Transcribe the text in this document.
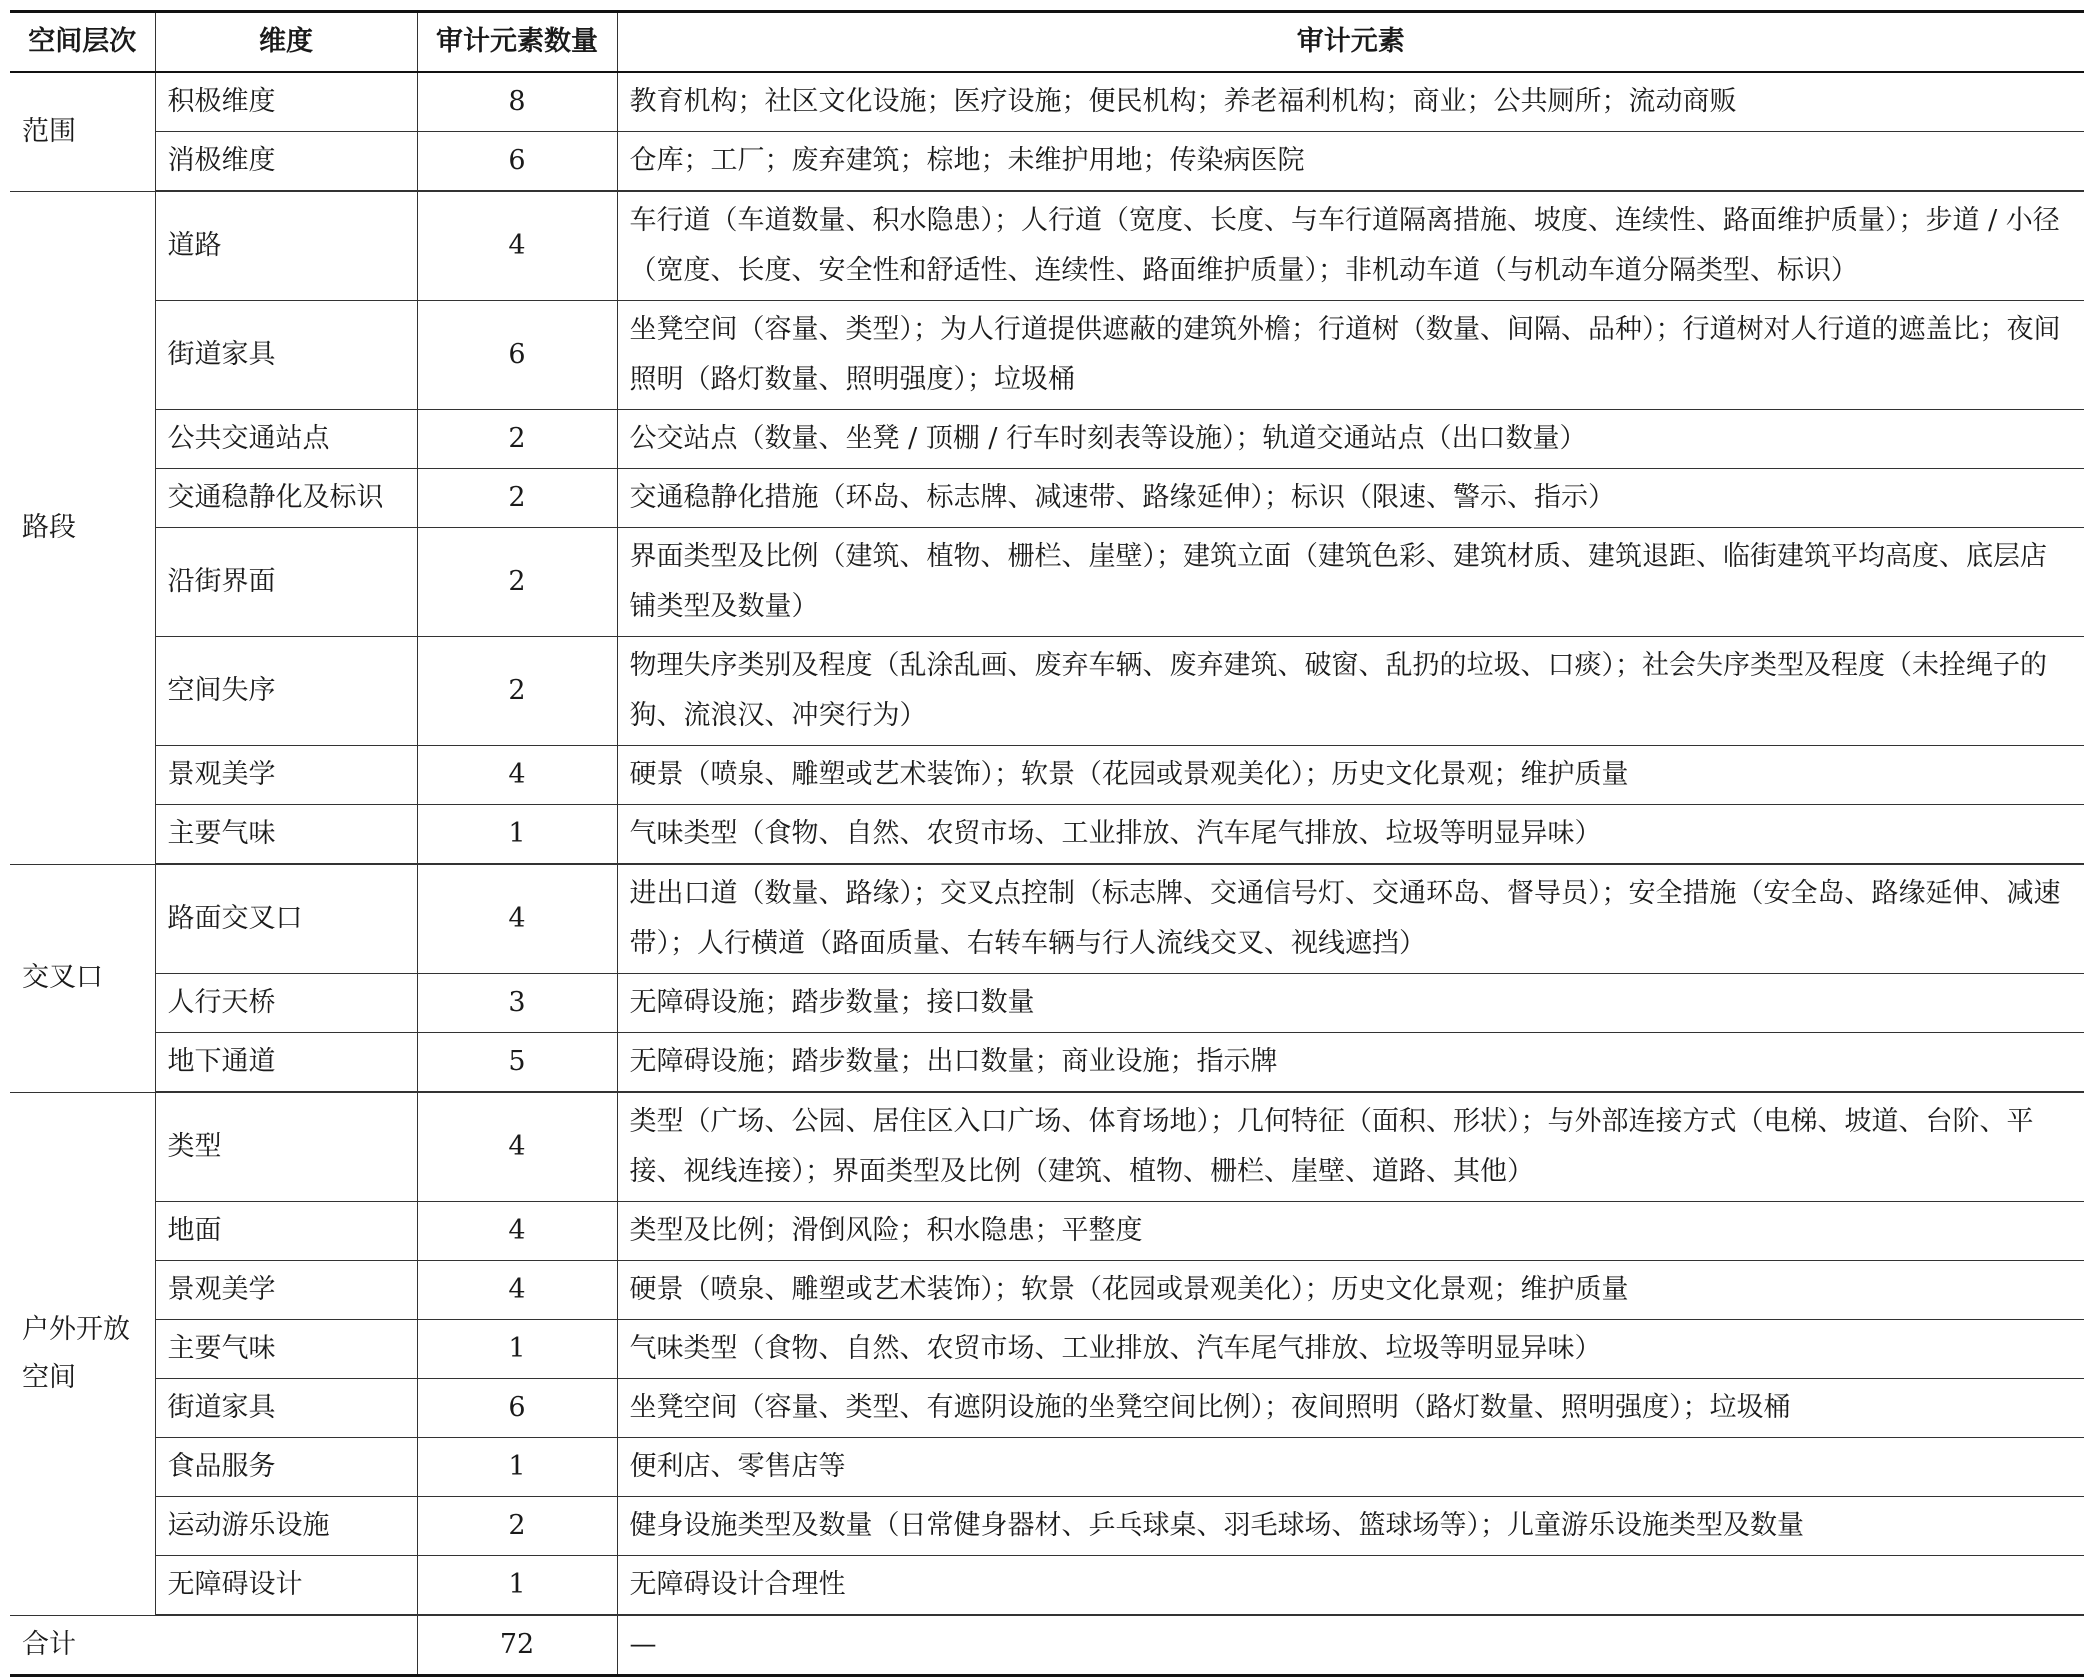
空间层次	维度	审计元素数量	审计元素
范围	积极维度	8	教育机构；社区文化设施；医疗设施；便民机构；养老福利机构；商业；公共厕所；流动商贩
	消极维度	6	仓库；工厂；废弃建筑；棕地；未维护用地；传染病医院
路段	道路	4	车行道（车道数量、积水隐患）；人行道（宽度、长度、与车行道隔离措施、坡度、连续性、路面维护质量）；步道 / 小径（宽度、长度、安全性和舒适性、连续性、路面维护质量）；非机动车道（与机动车道分隔类型、标识）
	街道家具	6	坐凳空间（容量、类型）；为人行道提供遮蔽的建筑外檐；行道树（数量、间隔、品种）；行道树对人行道的遮盖比；夜间照明（路灯数量、照明强度）；垃圾桶
	公共交通站点	2	公交站点（数量、坐凳 / 顶棚 / 行车时刻表等设施）；轨道交通站点（出口数量）
	交通稳静化及标识	2	交通稳静化措施（环岛、标志牌、减速带、路缘延伸）；标识（限速、警示、指示）
	沿街界面	2	界面类型及比例（建筑、植物、栅栏、崖壁）；建筑立面（建筑色彩、建筑材质、建筑退距、临街建筑平均高度、底层店铺类型及数量）
	空间失序	2	物理失序类别及程度（乱涂乱画、废弃车辆、废弃建筑、破窗、乱扔的垃圾、口痰）；社会失序类型及程度（未拴绳子的狗、流浪汉、冲突行为）
	景观美学	4	硬景（喷泉、雕塑或艺术装饰）；软景（花园或景观美化）；历史文化景观；维护质量
	主要气味	1	气味类型（食物、自然、农贸市场、工业排放、汽车尾气排放、垃圾等明显异味）
交叉口	路面交叉口	4	进出口道（数量、路缘）；交叉点控制（标志牌、交通信号灯、交通环岛、督导员）；安全措施（安全岛、路缘延伸、减速带）；人行横道（路面质量、右转车辆与行人流线交叉、视线遮挡）
	人行天桥	3	无障碍设施；踏步数量；接口数量
	地下通道	5	无障碍设施；踏步数量；出口数量；商业设施；指示牌
户外开放空间	类型	4	类型（广场、公园、居住区入口广场、体育场地）；几何特征（面积、形状）；与外部连接方式（电梯、坡道、台阶、平接、视线连接）；界面类型及比例（建筑、植物、栅栏、崖壁、道路、其他）
	地面	4	类型及比例；滑倒风险；积水隐患；平整度
	景观美学	4	硬景（喷泉、雕塑或艺术装饰）；软景（花园或景观美化）；历史文化景观；维护质量
	主要气味	1	气味类型（食物、自然、农贸市场、工业排放、汽车尾气排放、垃圾等明显异味）
	街道家具	6	坐凳空间（容量、类型、有遮阴设施的坐凳空间比例）；夜间照明（路灯数量、照明强度）；垃圾桶
	食品服务	1	便利店、零售店等
	运动游乐设施	2	健身设施类型及数量（日常健身器材、乒乓球桌、羽毛球场、篮球场等）；儿童游乐设施类型及数量
	无障碍设计	1	无障碍设计合理性
合计		72	—
